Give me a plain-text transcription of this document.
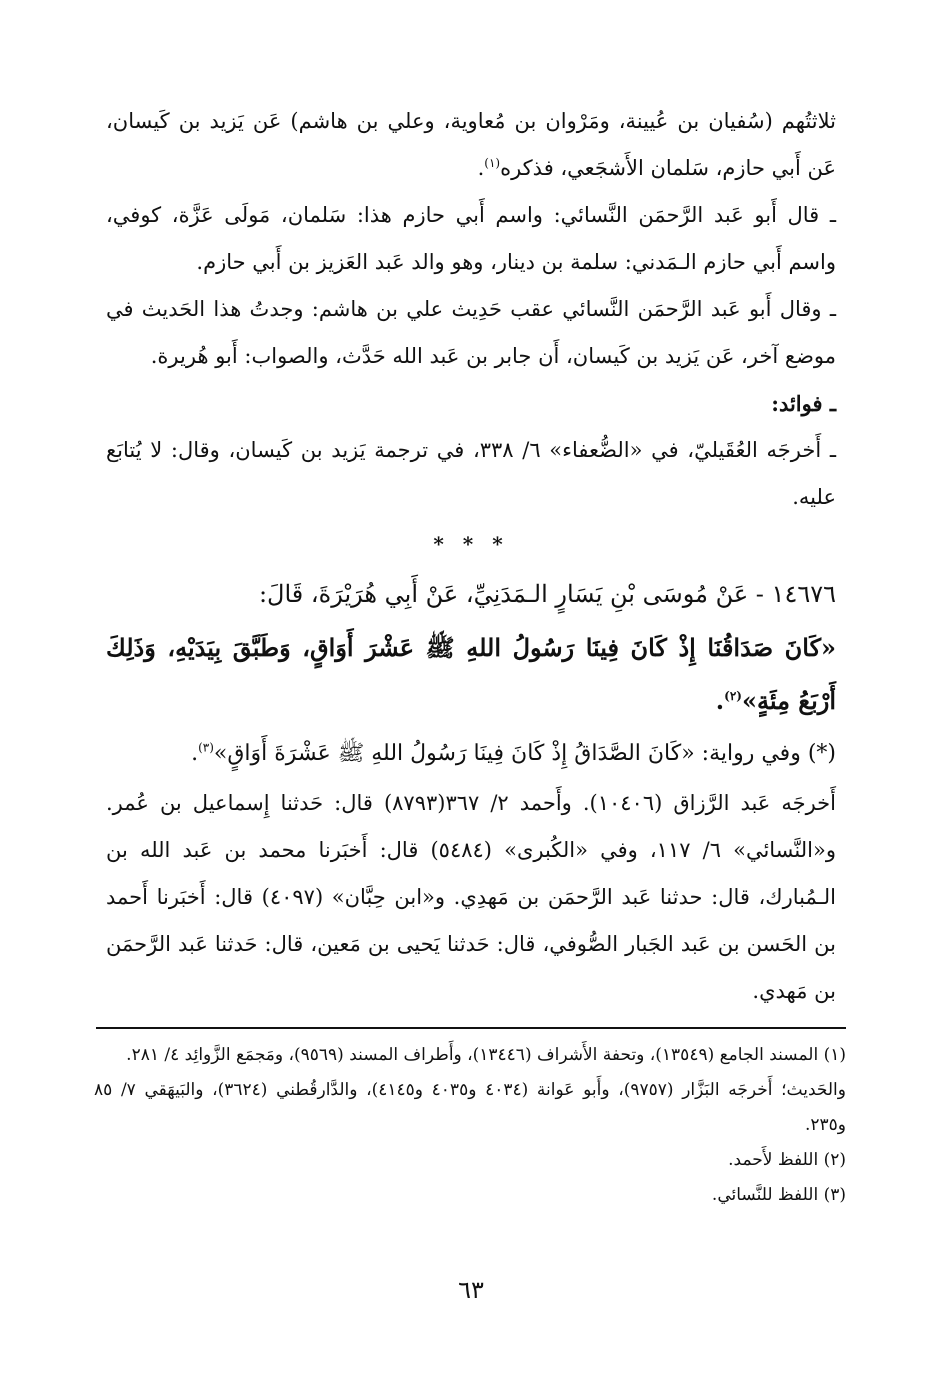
ثلاثتُهم (سُفيان بن عُيينة، ومَرْوان بن مُعاوية، وعلي بن هاشم) عَن يَزيد بن كَيسان، عَن أَبي حازم، سَلمان الأَشجَعي، فذكره$^{(١)}$.

ـ قال أَبو عَبد الرَّحمَن النَّسائي: واسم أَبي حازم هذا: سَلمان، مَولَى عَزَّة، كوفي، واسم أَبي حازم الـمَدني: سلمة بن دينار، وهو والد عَبد العَزيز بن أَبي حازم.

ـ وقال أَبو عَبد الرَّحمَن النَّسائي عقب حَدِيث علي بن هاشم: وجدتُ هذا الحَديث في موضع آخر، عَن يَزيد بن كَيسان، أَن جابر بن عَبد الله حَدَّث، والصواب: أَبو هُريرة.

ـ فوائد:

ـ أَخرجَه العُقَيليّ، في «الضُّعفاء» ٦/ ٣٣٨، في ترجمة يَزيد بن كَيسان، وقال: لا يُتابَع عليه.

* * *

١٤٦٧٦ - عَنْ مُوسَى بْنِ يَسَارٍ الـمَدَنِيِّ، عَنْ أَبِي هُرَيْرَةَ، قَالَ:

«كَانَ صَدَاقُنَا إِذْ كَانَ فِينَا رَسُولُ اللهِ ﷺ عَشْرَ أَوَاقٍ، وَطَبَّقَ بِيَدَيْهِ، وَذَلِكَ أَرْبَعُ مِئَةٍ»$^{(٢)}$.

(*) وفي رواية: «كَانَ الصَّدَاقُ إِذْ كَانَ فِينَا رَسُولُ اللهِ ﷺ عَشْرَةَ أَوَاقٍ»$^{(٣)}$.

أَخرجَه عَبد الرَّزاق (١٠٤٠٦). وأَحمد ٢/ ٣٦٧(٨٧٩٣) قال: حَدثنا إِسماعيل بن عُمر. و«النَّسائي» ٦/ ١١٧، وفي «الكُبرى» (٥٤٨٤) قال: أَخبَرنا محمد بن عَبد الله بن الـمُبارك، قال: حدثنا عَبد الرَّحمَن بن مَهدِي. و«ابن حِبَّان» (٤٠٩٧) قال: أَخبَرنا أَحمد بن الحَسن بن عَبد الجَبار الصُّوفي، قال: حَدثنا يَحيى بن مَعين، قال: حَدثنا عَبد الرَّحمَن بن مَهدي.

(١) المسند الجامع (١٣٥٤٩)، وتحفة الأَشراف (١٣٤٤٦)، وأَطراف المسند (٩٥٦٩)، ومَجمَع الزَّوائِد ٤/ ٢٨١.

والحَديث؛ أَخرجَه البَزَّار (٩٧٥٧)، وأَبو عَوانة (٤٠٣٤ و٤٠٣٥ و٤١٤٥)، والدَّارقُطني (٣٦٢٤)، والبَيهَقي ٧/ ٨٥ و٢٣٥.

(٢) اللفظ لأَحمد.

(٣) اللفظ للنَّسائي.

٦٣
